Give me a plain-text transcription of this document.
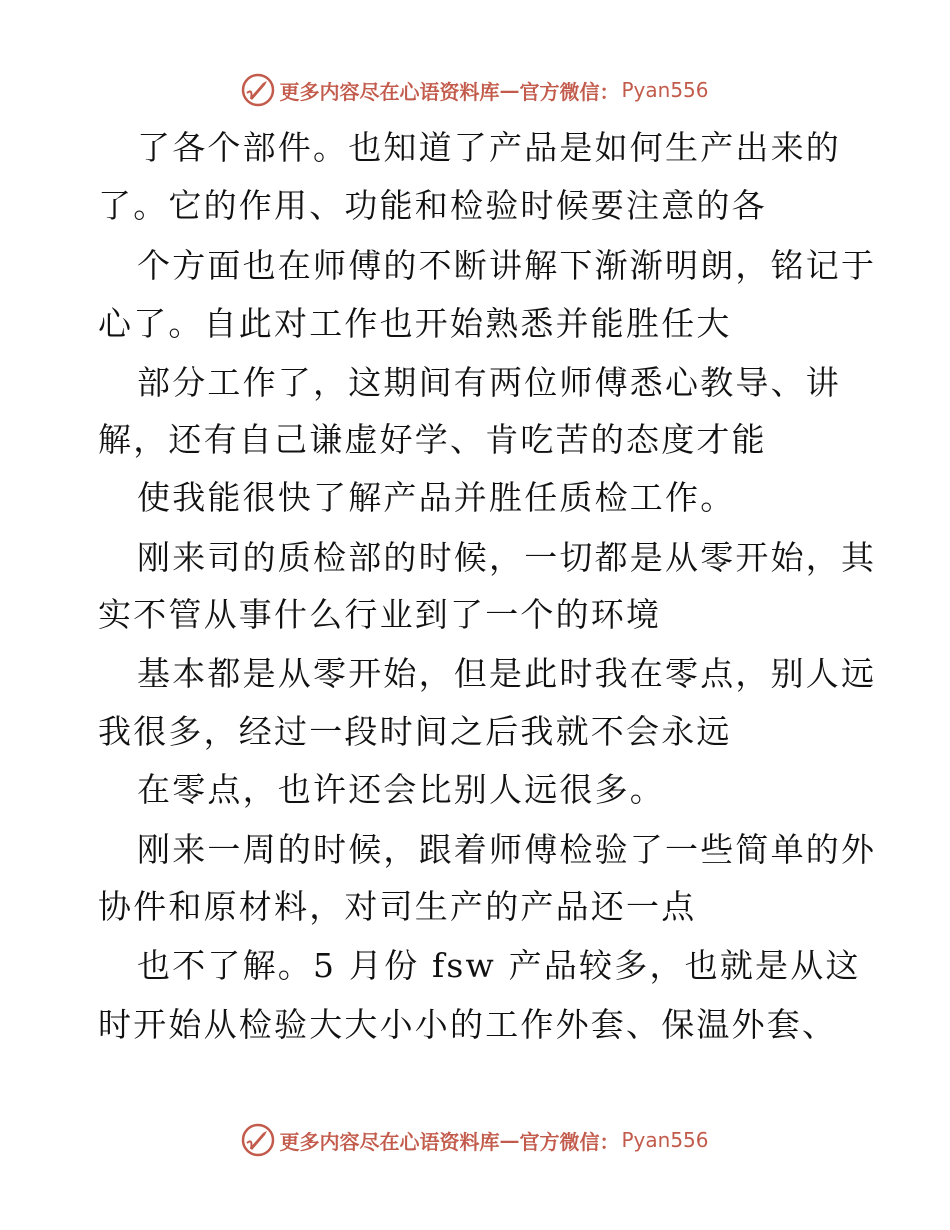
更多内容尽在心语资料库 — 官方微信： Pyan556
了各个部件。也知道了产品是如何生产出来的
了。它的作用、功能和检验时候要注意的各
个方面也在师傅的不断讲解下渐渐明朗，铭记于
心了。自此对工作也开始熟悉并能胜任大
部分工作了，这期间有两位师傅悉心教导、讲
解，还有自己谦虚好学、肯吃苦的态度才能
使我能很快了解产品并胜任质检工作。
刚来司的质检部的时候，一切都是从零开始，其
实不管从事什么行业到了一个的环境
基本都是从零开始，但是此时我在零点，别人远
我很多，经过一段时间之后我就不会永远
在零点，也许还会比别人远很多。
刚来一周的时候，跟着师傅检验了一些简单的外
协件和原材料，对司生产的产品还一点
也不了解。5 月份 fsw 产品较多，也就是从这
时开始从检验大大小小的工作外套、保温外套、
更多内容尽在心语资料库 — 官方微信： Pyan556
